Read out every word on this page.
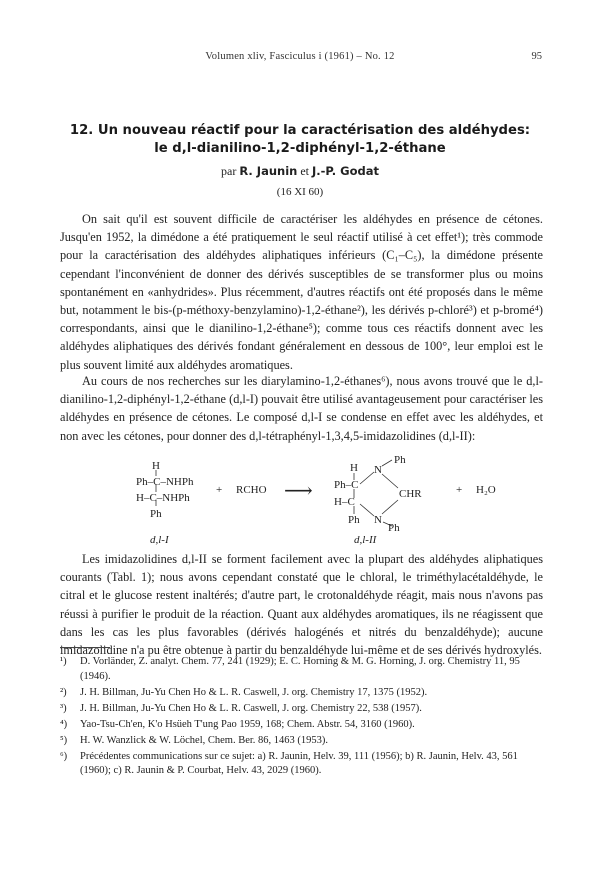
Volumen xliv, Fasciculus i (1961) – No. 12	95
12. Un nouveau réactif pour la caractérisation des aldéhydes:
le d,l-dianilino-1,2-diphényl-1,2-éthane
par R. Jaunin et J.-P. Godat
(16 XI 60)

On sait qu'il est souvent difficile de caractériser les aldéhydes en présence de cétones. Jusqu'en 1952, la dimédone a été pratiquement le seul réactif utilisé à cet effet¹); très commode pour la caractérisation des aldéhydes aliphatiques inférieurs (C₁–C₅), la dimédone présente cependant l'inconvénient de donner des dérivés susceptibles de se transformer plus ou moins spontanément en «anhydrides». Plus récemment, d'autres réactifs ont été proposés dans le même but, notamment le bis-(p-méthoxy-benzylamino)-1,2-éthane²), les dérivés p-chloré³) et p-bromé⁴) correspondants, ainsi que le dianilino-1,2-éthane⁵); comme tous ces réactifs donnent avec les aldéhydes aliphatiques des dérivés fondant généralement en dessous de 100°, leur emploi est le plus souvent limité aux aldéhydes aromatiques.

Au cours de nos recherches sur les diarylamino-1,2-éthanes⁶), nous avons trouvé que le d,l-dianilino-1,2-diphényl-1,2-éthane (d,l-I) pouvait être utilisé avantageusement pour caractériser les aldéhydes en présence de cétones. Le composé d,l-I se condense en effet avec les aldéhydes, et non avec les cétones, pour donner des d,l-tétraphényl-1,3,4,5-imidazolidines (d,l-II):

H
Ph–C–NHPh
H–C–NHPh
Ph
d,l-I
+ RCHO ⟶
Ph
H N
Ph–C
CHR
H–C
Ph N
Ph
d,l-II
+ H₂O

Les imidazolidines d,l-II se forment facilement avec la plupart des aldéhydes aliphatiques courants (Tabl. 1); nous avons cependant constaté que le chloral, le triméthylacétaldéhyde, le citral et le glucose restent inaltérés; d'autre part, le crotonaldéhyde réagit, mais nous n'avons pas réussi à purifier le produit de la réaction. Quant aux aldéhydes aromatiques, ils ne réagissent que dans les cas les plus favorables (dérivés halogénés et nitrés du benzaldéhyde); aucune imidazolidine n'a pu être obtenue à partir du benzaldéhyde lui-même et de ses dérivés hydroxylés.

¹) D. Vorländer, Z. analyt. Chem. 77, 241 (1929); E. C. Horning & M. G. Horning, J. org. Chemistry 11, 95 (1946).
²) J. H. Billman, Ju-Yu Chen Ho & L. R. Caswell, J. org. Chemistry 17, 1375 (1952).
³) J. H. Billman, Ju-Yu Chen Ho & L. R. Caswell, J. org. Chemistry 22, 538 (1957).
⁴) Yao-Tsu-Ch'en, K'o Hsüeh T'ung Pao 1959, 168; Chem. Abstr. 54, 3160 (1960).
⁵) H. W. Wanzlick & W. Löchel, Chem. Ber. 86, 1463 (1953).
⁶) Précédentes communications sur ce sujet: a) R. Jaunin, Helv. 39, 111 (1956); b) R. Jaunin, Helv. 43, 561 (1960); c) R. Jaunin & P. Courbat, Helv. 43, 2029 (1960).
